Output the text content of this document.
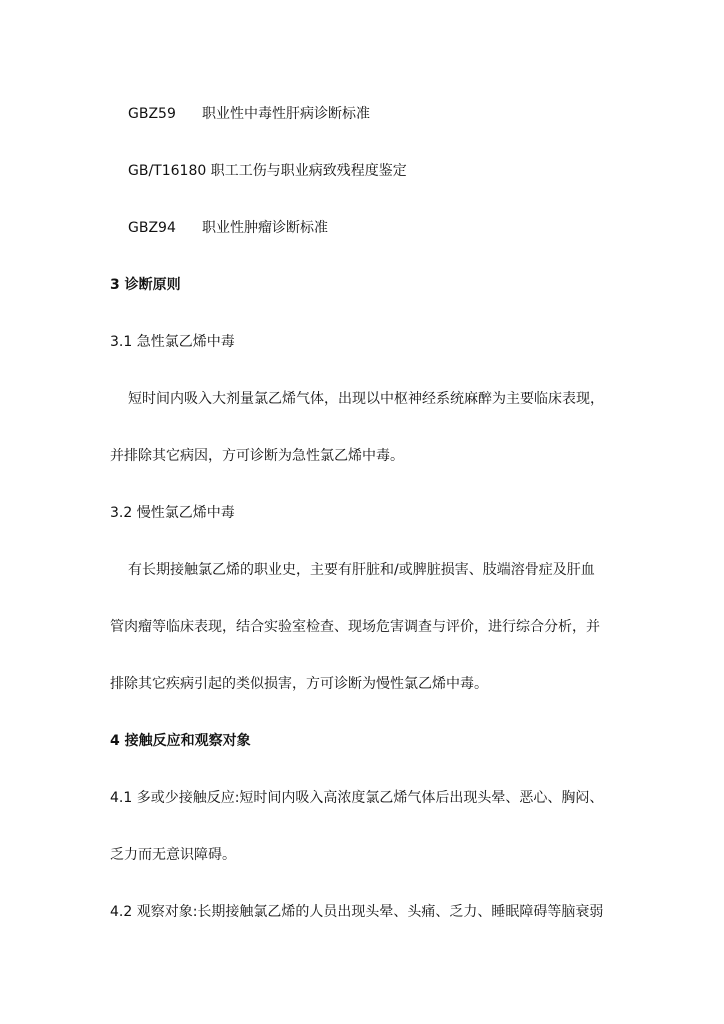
GBZ59 职业性中毒性肝病诊断标准
GB/T16180 职工工伤与职业病致残程度鉴定
GBZ94 职业性肿瘤诊断标准
3 诊断原则
3.1 急性氯乙烯中毒
短时间内吸入大剂量氯乙烯气体，出现以中枢神经系统麻醉为主要临床表现，
并排除其它病因，方可诊断为急性氯乙烯中毒。
3.2 慢性氯乙烯中毒
有长期接触氯乙烯的职业史，主要有肝脏和/或脾脏损害、肢端溶骨症及肝血
管肉瘤等临床表现，结合实验室检查、现场危害调查与评价，进行综合分析，并
排除其它疾病引起的类似损害，方可诊断为慢性氯乙烯中毒。
4 接触反应和观察对象
4.1 多或少接触反应:短时间内吸入高浓度氯乙烯气体后出现头晕、恶心、胸闷、
乏力而无意识障碍。
4.2 观察对象:长期接触氯乙烯的人员出现头晕、头痛、乏力、睡眠障碍等脑衰弱
